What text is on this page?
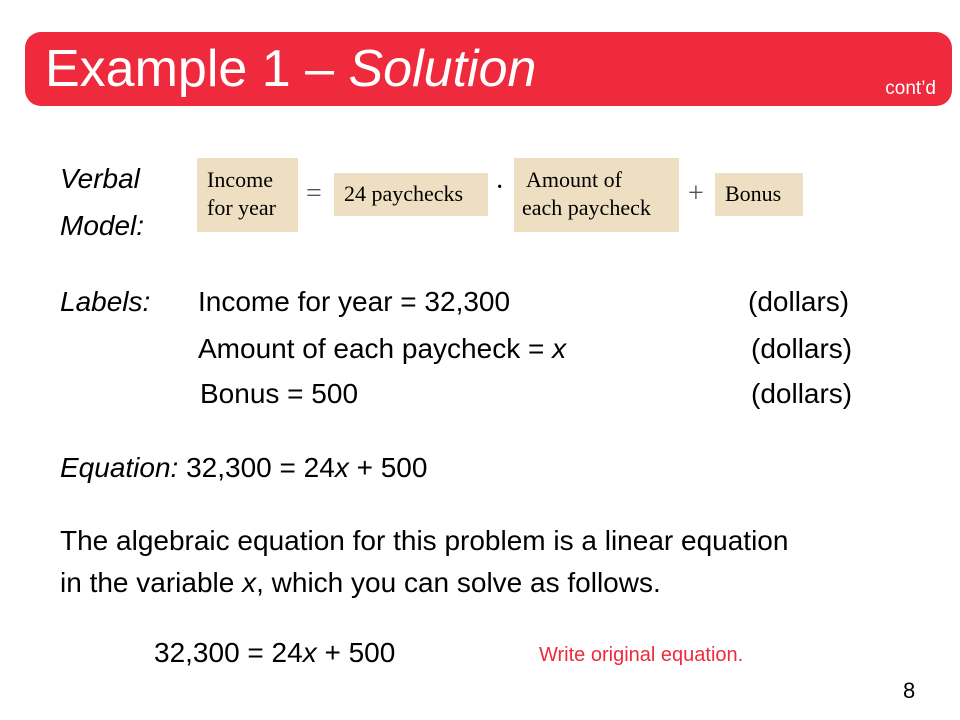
Example 1 – Solution	cont’d
Verbal
Model:
Income
for year = 24 paychecks · Amount of
each paycheck + Bonus
Labels: Income for year = 32,300	(dollars)
Amount of each paycheck = x	(dollars)
Bonus = 500	(dollars)
Equation: 32,300 = 24x + 500
The algebraic equation for this problem is a linear equation
in the variable x, which you can solve as follows.
32,300 = 24x + 500	Write original equation.
8
